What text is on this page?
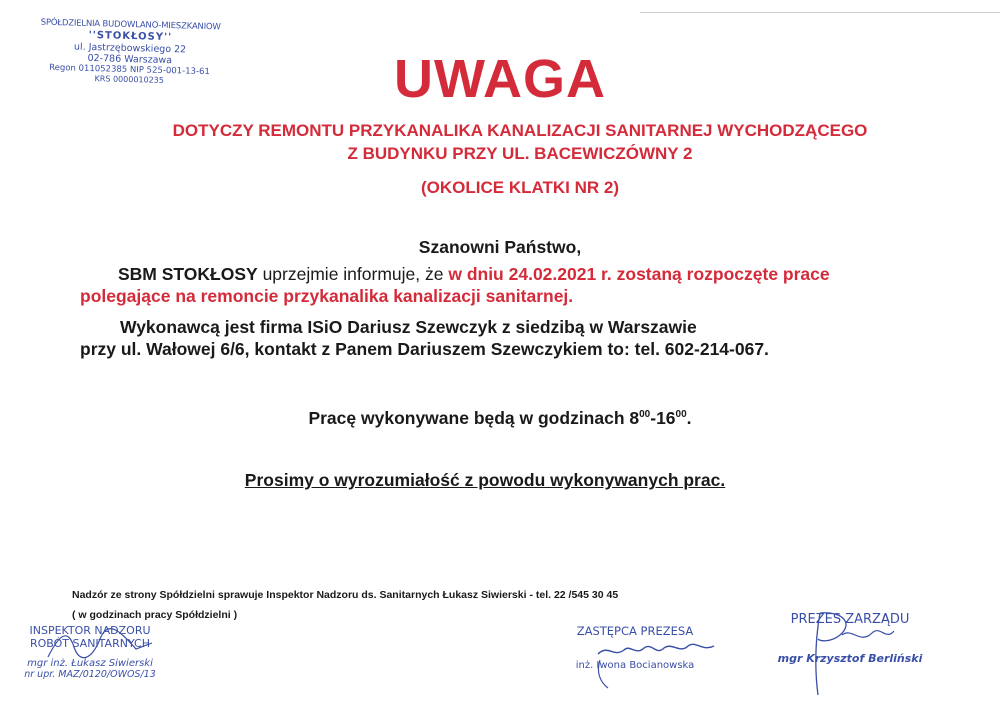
SPÓŁDZIELNIA BUDOWLANO-MIESZKANIOW
''STOKŁOSY''
ul. Jastrzębowskiego 22
02-786 Warszawa
Regon 011052385 NIP 525-001-13-61
KRS 0000010235	UWAGA
DOTYCZY REMONTU PRZYKANALIKA KANALIZACJI SANITARNEJ WYCHODZĄCEGO
Z BUDYNKU PRZY UL. BACEWICZÓWNY 2
(OKOLICE KLATKI NR 2)
Szanowni Państwo,
SBM STOKŁOSY uprzejmie informuje, że w dniu 24.02.2021 r. zostaną rozpoczęte prace
polegające na remoncie przykanalika kanalizacji sanitarnej.
Wykonawcą jest firma ISiO Dariusz Szewczyk z siedzibą w Warszawie
przy ul. Wałowej 6/6, kontakt z Panem Dariuszem Szewczykiem to: tel. 602-214-067.
Pracę wykonywane będą w godzinach $8^{00}-16^{00}$.
Prosimy o wyrozumiałość z powodu wykonywanych prac.
Nadzór ze strony Spółdzielni sprawuje Inspektor Nadzoru ds. Sanitarnych Łukasz Siwierski - tel. 22 /545 30 45
( w godzinach pracy Spółdzielni )
INSPEKTOR NADZORU
ROBÓT SANITARNYCH
mgr inż. Łukasz Siwierski
nr upr. MAZ/0120/OWOS/13
ZASTĘPCA PREZESA
inż. Iwona Bocianowska
PREZES ZARZĄDU
mgr Krzysztof Berliński
